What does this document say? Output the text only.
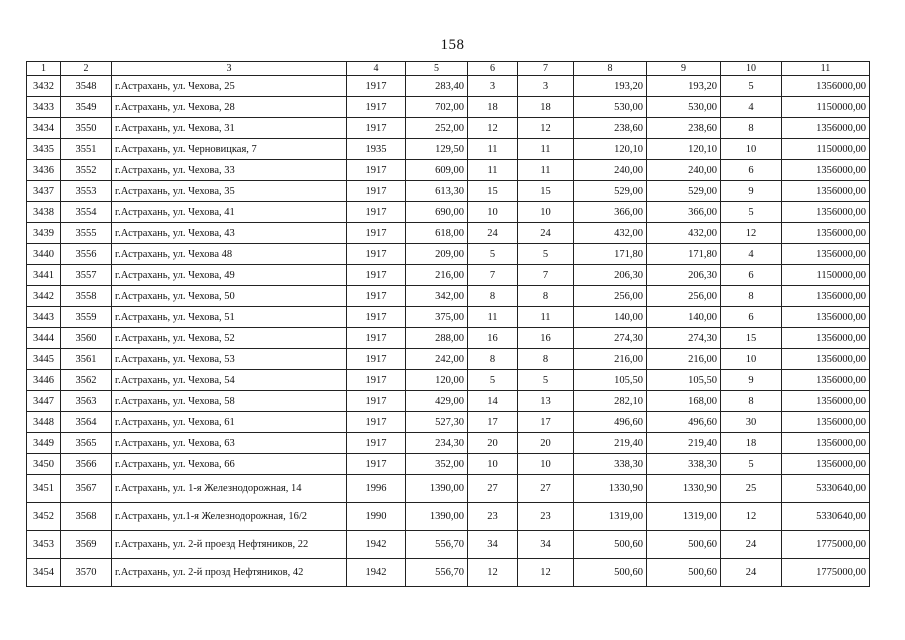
158
1	2	3	4	5	6	7	8	9	10	11
3432	3548	г.Астрахань, ул. Чехова, 25	1917	283,40	3	3	193,20	193,20	5	1356000,00
3433	3549	г.Астрахань, ул. Чехова, 28	1917	702,00	18	18	530,00	530,00	4	1150000,00
3434	3550	г.Астрахань, ул. Чехова, 31	1917	252,00	12	12	238,60	238,60	8	1356000,00
3435	3551	г.Астрахань, ул. Черновицкая, 7	1935	129,50	11	11	120,10	120,10	10	1150000,00
3436	3552	г.Астрахань, ул. Чехова, 33	1917	609,00	11	11	240,00	240,00	6	1356000,00
3437	3553	г.Астрахань, ул. Чехова, 35	1917	613,30	15	15	529,00	529,00	9	1356000,00
3438	3554	г.Астрахань, ул. Чехова, 41	1917	690,00	10	10	366,00	366,00	5	1356000,00
3439	3555	г.Астрахань, ул. Чехова, 43	1917	618,00	24	24	432,00	432,00	12	1356000,00
3440	3556	г.Астрахань, ул. Чехова 48	1917	209,00	5	5	171,80	171,80	4	1356000,00
3441	3557	г.Астрахань, ул. Чехова, 49	1917	216,00	7	7	206,30	206,30	6	1150000,00
3442	3558	г.Астрахань, ул. Чехова, 50	1917	342,00	8	8	256,00	256,00	8	1356000,00
3443	3559	г.Астрахань, ул. Чехова, 51	1917	375,00	11	11	140,00	140,00	6	1356000,00
3444	3560	г.Астрахань, ул. Чехова, 52	1917	288,00	16	16	274,30	274,30	15	1356000,00
3445	3561	г.Астрахань, ул. Чехова, 53	1917	242,00	8	8	216,00	216,00	10	1356000,00
3446	3562	г.Астрахань, ул. Чехова, 54	1917	120,00	5	5	105,50	105,50	9	1356000,00
3447	3563	г.Астрахань, ул. Чехова, 58	1917	429,00	14	13	282,10	168,00	8	1356000,00
3448	3564	г.Астрахань, ул. Чехова, 61	1917	527,30	17	17	496,60	496,60	30	1356000,00
3449	3565	г.Астрахань, ул. Чехова, 63	1917	234,30	20	20	219,40	219,40	18	1356000,00
3450	3566	г.Астрахань, ул. Чехова, 66	1917	352,00	10	10	338,30	338,30	5	1356000,00
3451	3567	г.Астрахань, ул. 1-я Железнодорожная, 14	1996	1390,00	27	27	1330,90	1330,90	25	5330640,00
3452	3568	г.Астрахань, ул.1-я Железнодорожная, 16/2	1990	1390,00	23	23	1319,00	1319,00	12	5330640,00
3453	3569	г.Астрахань, ул. 2-й проезд Нефтяников, 22	1942	556,70	34	34	500,60	500,60	24	1775000,00
3454	3570	г.Астрахань, ул. 2-й прозд Нефтяников, 42	1942	556,70	12	12	500,60	500,60	24	1775000,00
